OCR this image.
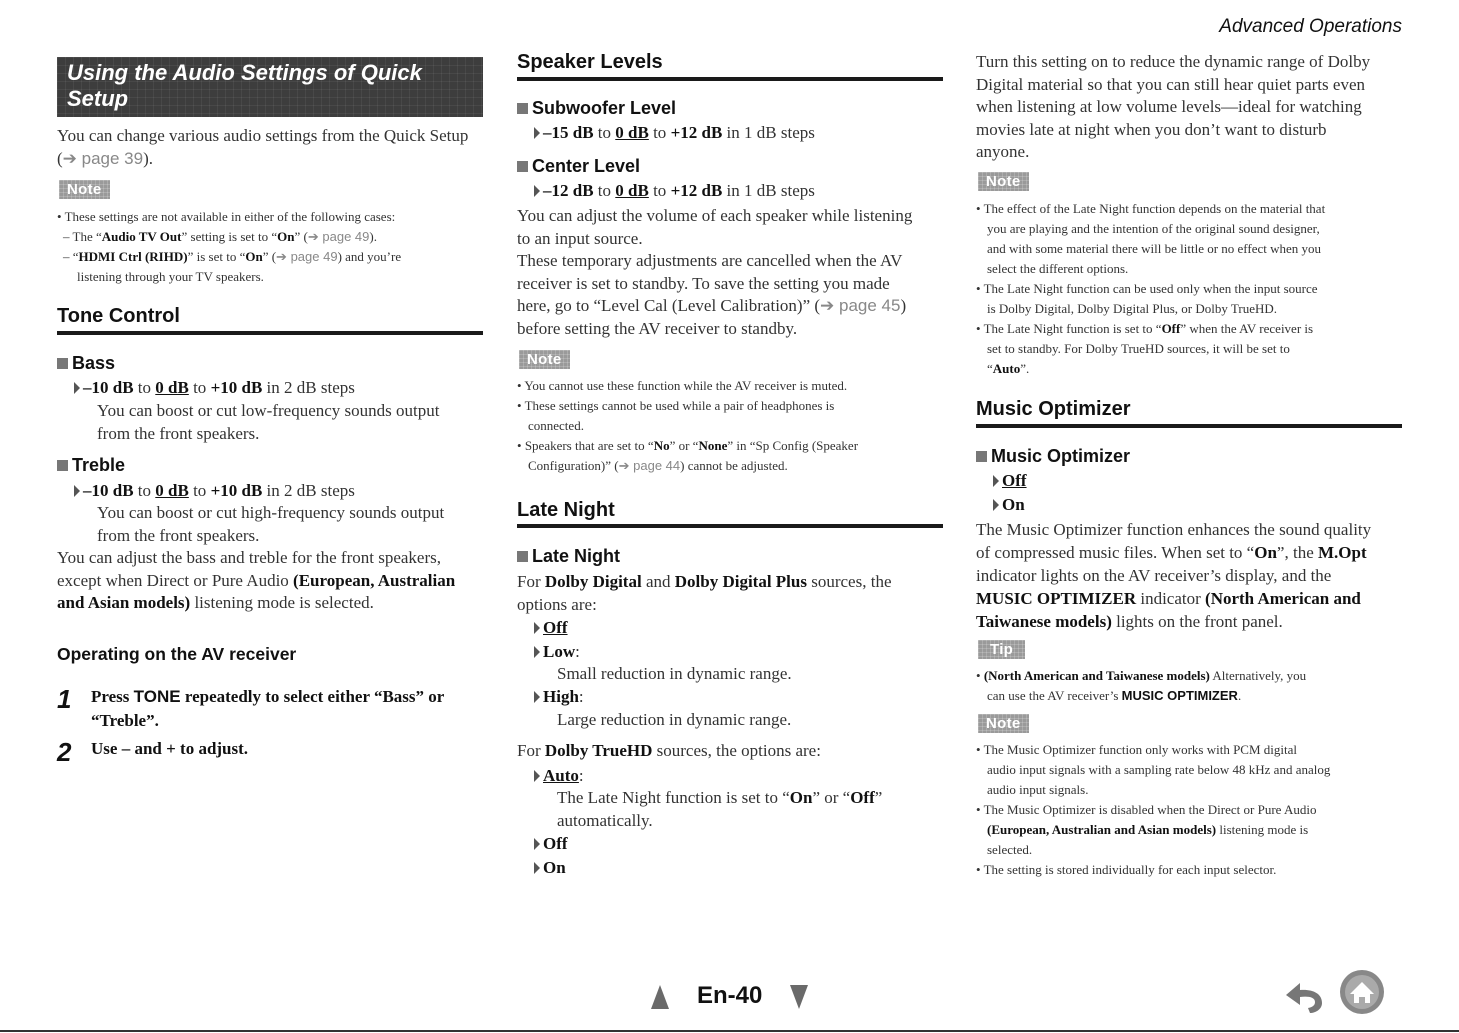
Advanced Operations
Using the Audio Settings of Quick Setup
You can change various audio settings from the Quick Setup (➔ page 39).
Note
• These settings are not available in either of the following cases:
– The “Audio TV Out” setting is set to “On” (➔ page 49).
– “HDMI Ctrl (RIHD)” is set to “On” (➔ page 49) and you’re
listening through your TV speakers.
Tone Control
Bass
–10 dB to 0 dB to +10 dB in 2 dB steps
You can boost or cut low-frequency sounds output
from the front speakers.
Treble
–10 dB to 0 dB to +10 dB in 2 dB steps
You can boost or cut high-frequency sounds output
from the front speakers.
You can adjust the bass and treble for the front speakers,
except when Direct or Pure Audio (European, Australian
and Asian models) listening mode is selected.
Operating on the AV receiver
1 Press TONE repeatedly to select either “Bass” or
“Treble”.
2 Use – and + to adjust.
Speaker Levels
Subwoofer Level
–15 dB to 0 dB to +12 dB in 1 dB steps
Center Level
–12 dB to 0 dB to +12 dB in 1 dB steps
You can adjust the volume of each speaker while listening
to an input source.
These temporary adjustments are cancelled when the AV
receiver is set to standby. To save the setting you made
here, go to “Level Cal (Level Calibration)” (➔ page 45)
before setting the AV receiver to standby.
Note
• You cannot use these function while the AV receiver is muted.
• These settings cannot be used while a pair of headphones is
connected.
• Speakers that are set to “No” or “None” in “Sp Config (Speaker
Configuration)” (➔ page 44) cannot be adjusted.
Late Night
Late Night
For Dolby Digital and Dolby Digital Plus sources, the
options are:
Off
Low:
Small reduction in dynamic range.
High:
Large reduction in dynamic range.
For Dolby TrueHD sources, the options are:
Auto:
The Late Night function is set to “On” or “Off”
automatically.
Off
On
Turn this setting on to reduce the dynamic range of Dolby
Digital material so that you can still hear quiet parts even
when listening at low volume levels—ideal for watching
movies late at night when you don’t want to disturb
anyone.
Note
• The effect of the Late Night function depends on the material that
you are playing and the intention of the original sound designer,
and with some material there will be little or no effect when you
select the different options.
• The Late Night function can be used only when the input source
is Dolby Digital, Dolby Digital Plus, or Dolby TrueHD.
• The Late Night function is set to “Off” when the AV receiver is
set to standby. For Dolby TrueHD sources, it will be set to
“Auto”.
Music Optimizer
Music Optimizer
Off
On
The Music Optimizer function enhances the sound quality
of compressed music files. When set to “On”, the M.Opt
indicator lights on the AV receiver’s display, and the
MUSIC OPTIMIZER indicator (North American and
Taiwanese models) lights on the front panel.
Tip
• (North American and Taiwanese models) Alternatively, you
can use the AV receiver’s MUSIC OPTIMIZER.
Note
• The Music Optimizer function only works with PCM digital
audio input signals with a sampling rate below 48 kHz and analog
audio input signals.
• The Music Optimizer is disabled when the Direct or Pure Audio
(European, Australian and Asian models) listening mode is
selected.
• The setting is stored individually for each input selector.
En-40
